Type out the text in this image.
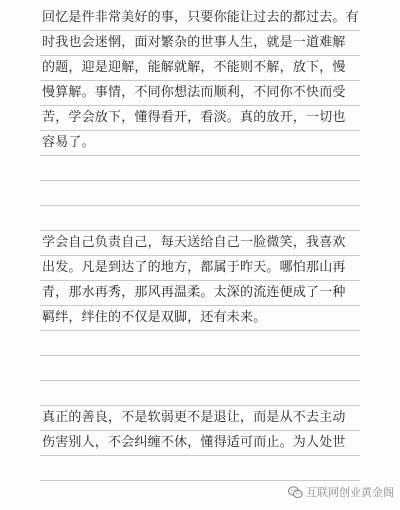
回忆是件非常美好的事，只要你能让过去的都过去。有
时我也会迷惘，面对繁杂的世事人生，就是一道难解
的题，迎是迎解，能解就解，不能则不解，放下，慢
慢算解。事情，不同你想法而顺利，不同你不快而受
苦，学会放下，懂得看开，看淡。真的放开，一切也
容易了。
学会自己负责自己，每天送给自己一脸微笑，我喜欢
出发。凡是到达了的地方，都属于昨天。哪怕那山再
青，那水再秀，那风再温柔。太深的流连便成了一种
羁绊，绊住的不仅是双脚，还有未来。
真正的善良，不是软弱更不是退让，而是从不去主动
伤害别人，不会纠缠不休，懂得适可而止。为人处世
互联网创业黄金阁
